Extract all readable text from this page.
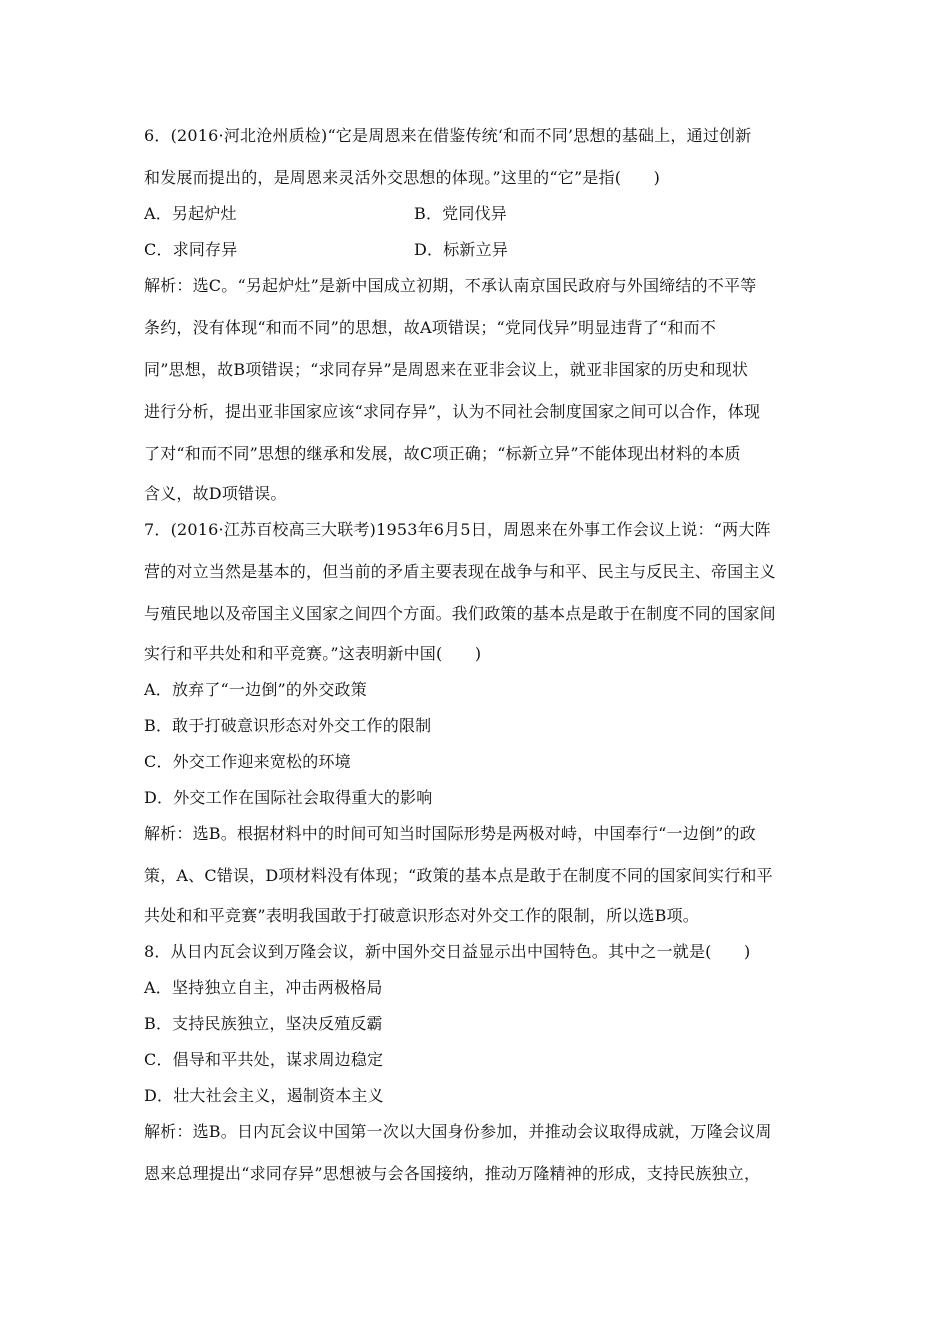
6．(2016·河北沧州质检)“它是周恩来在借鉴传统‘和而不同’思想的基础上，通过创新
和发展而提出的，是周恩来灵活外交思想的体现。”这里的“它”是指(　　)
A．另起炉灶	B．党同伐异
C．求同存异	D．标新立异
解析：选C。“另起炉灶”是新中国成立初期，不承认南京国民政府与外国缔结的不平等
条约，没有体现“和而不同”的思想，故A项错误；“党同伐异”明显违背了“和而不
同”思想，故B项错误；“求同存异”是周恩来在亚非会议上，就亚非国家的历史和现状
进行分析，提出亚非国家应该“求同存异”，认为不同社会制度国家之间可以合作，体现
了对“和而不同”思想的继承和发展，故C项正确；“标新立异”不能体现出材料的本质
含义，故D项错误。
7．(2016·江苏百校高三大联考)1953年6月5日，周恩来在外事工作会议上说：“两大阵
营的对立当然是基本的，但当前的矛盾主要表现在战争与和平、民主与反民主、帝国主义
与殖民地以及帝国主义国家之间四个方面。我们政策的基本点是敢于在制度不同的国家间
实行和平共处和和平竞赛。”这表明新中国(　　)
A．放弃了“一边倒”的外交政策
B．敢于打破意识形态对外交工作的限制
C．外交工作迎来宽松的环境
D．外交工作在国际社会取得重大的影响
解析：选B。根据材料中的时间可知当时国际形势是两极对峙，中国奉行“一边倒”的政
策，A、C错误，D项材料没有体现；“政策的基本点是敢于在制度不同的国家间实行和平
共处和和平竞赛”表明我国敢于打破意识形态对外交工作的限制，所以选B项。
8．从日内瓦会议到万隆会议，新中国外交日益显示出中国特色。其中之一就是(　　)
A．坚持独立自主，冲击两极格局
B．支持民族独立，坚决反殖反霸
C．倡导和平共处，谋求周边稳定
D．壮大社会主义，遏制资本主义
解析：选B。日内瓦会议中国第一次以大国身份参加，并推动会议取得成就，万隆会议周
恩来总理提出“求同存异”思想被与会各国接纳，推动万隆精神的形成，支持民族独立，
